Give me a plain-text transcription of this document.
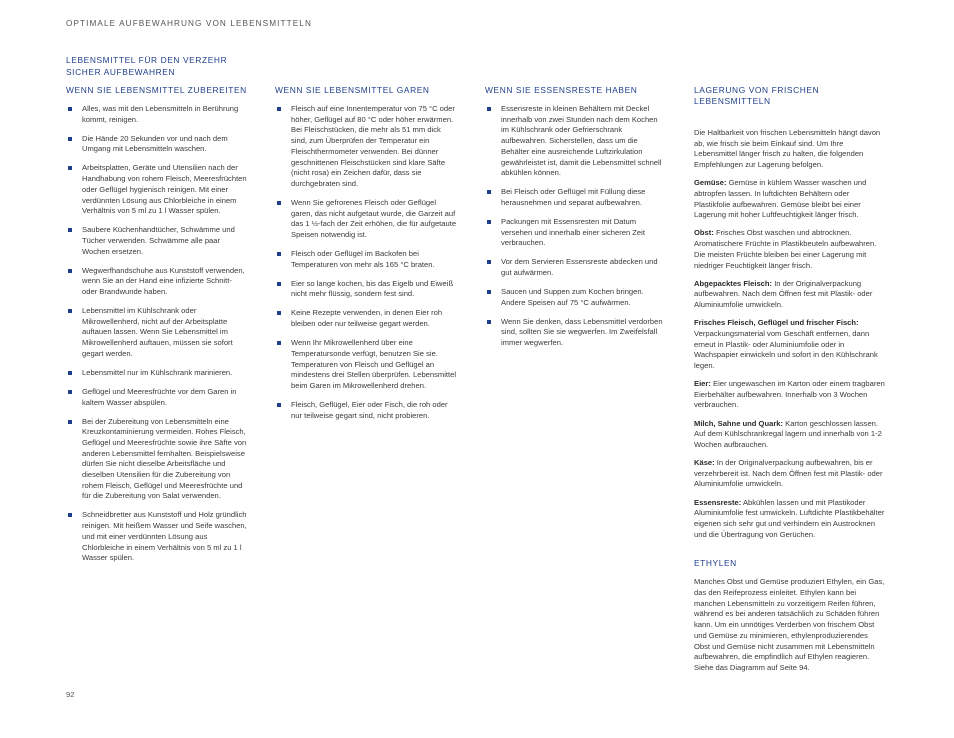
OPTIMALE AUFBEWAHRUNG VON LEBENSMITTELN
LEBENSMITTEL FÜR DEN VERZEHR
SICHER AUFBEWAHREN
WENN SIE LEBENSMITTEL ZUBEREITEN
Alles, was mit den Lebensmitteln in Berührung kommt, reinigen.
Die Hände 20 Sekunden vor und nach dem Umgang mit Lebensmitteln waschen.
Arbeitsplatten, Geräte und Utensilien nach der Handhabung von rohem Fleisch, Meeresfrüchten oder Geflügel hygienisch reinigen. Mit einer verdünnten Lösung aus Chlorbleiche in einem Verhältnis von 5 ml zu 1 l Wasser spülen.
Saubere Küchenhandtücher, Schwämme und Tücher verwenden. Schwämme alle paar Wochen ersetzen.
Wegwerfhandschuhe aus Kunststoff verwenden, wenn Sie an der Hand eine infizierte Schnitt- oder Brandwunde haben.
Lebensmittel im Kühlschrank oder Mikrowellenherd, nicht auf der Arbeitsplatte auftauen lassen. Wenn Sie Lebensmittel im Mikrowellenherd auftauen, müssen sie sofort gegart werden.
Lebensmittel nur im Kühlschrank marinieren.
Geflügel und Meeresfrüchte vor dem Garen in kaltem Wasser abspülen.
Bei der Zubereitung von Lebensmitteln eine Kreuzkontaminierung vermeiden. Rohes Fleisch, Geflügel und Meeresfrüchte sowie ihre Säfte von anderen Lebensmittel fernhalten. Beispielsweise dürfen Sie nicht dieselbe Arbeitsfläche und dieselben Utensilien für die Zubereitung von rohem Fleisch, Geflügel und Meeresfrüchte und für die Zubereitung von Salat verwenden.
Schneidbretter aus Kunststoff und Holz gründlich reinigen. Mit heißem Wasser und Seife waschen, und mit einer verdünnten Lösung aus Chlorbleiche in einem Verhältnis von 5 ml zu 1 l Wasser spülen.
WENN SIE LEBENSMITTEL GAREN
Fleisch auf eine Innentemperatur von 75 °C oder höher, Geflügel auf 80 °C oder höher erwärmen. Bei Fleischstücken, die mehr als 51 mm dick sind, zum Überprüfen der Temperatur ein Fleischthermometer verwenden. Bei dünner geschnittenen Fleischstücken sind klare Säfte (nicht rosa) ein Zeichen dafür, dass sie durchgebraten sind.
Wenn Sie gefrorenes Fleisch oder Geflügel garen, das nicht aufgetaut wurde, die Garzeit auf das 1 ½-fach der Zeit erhöhen, die für aufgetaute Speisen notwendig ist.
Fleisch oder Geflügel im Backofen bei Temperaturen von mehr als 165 °C braten.
Eier so lange kochen, bis das Eigelb und Eiweiß nicht mehr flüssig, sondern fest sind.
Keine Rezepte verwenden, in denen Eier roh bleiben oder nur teilweise gegart werden.
Wenn Ihr Mikrowellenherd über eine Temperatursonde verfügt, benutzen Sie sie. Temperaturen von Fleisch und Geflügel an mindestens drei Stellen überprüfen. Lebensmittel beim Garen im Mikrowellenherd drehen.
Fleisch, Geflügel, Eier oder Fisch, die roh oder nur teilweise gegart sind, nicht probieren.
WENN SIE ESSENSRESTE HABEN
Essensreste in kleinen Behältern mit Deckel innerhalb von zwei Stunden nach dem Kochen im Kühlschrank oder Gefrierschrank aufbewahren. Sicherstellen, dass um die Behälter eine ausreichende Luftzirkulation gewährleistet ist, damit die Lebensmittel schnell abkühlen können.
Bei Fleisch oder Geflügel mit Füllung diese herausnehmen und separat aufbewahren.
Packungen mit Essensresten mit Datum versehen und innerhalb einer sicheren Zeit verbrauchen.
Vor dem Servieren Essensreste abdecken und gut aufwärmen.
Saucen und Suppen zum Kochen bringen. Andere Speisen auf 75 °C aufwärmen.
Wenn Sie denken, dass Lebensmittel verdorben sind, sollten Sie sie wegwerfen. Im Zweifelsfall immer wegwerfen.
LAGERUNG VON FRISCHEN
LEBENSMITTELN

Die Haltbarkeit von frischen Lebensmitteln hängt davon ab, wie frisch sie beim Einkauf sind. Um Ihre Lebensmittel länger frisch zu halten, die folgenden Empfehlungen zur Lagerung befolgen.

Gemüse: Gemüse in kühlem Wasser waschen und abtropfen lassen. In luftdichten Behältern oder Plastikfolie aufbewahren. Gemüse bleibt bei einer Lagerung mit hoher Luftfeuchtigkeit länger frisch.

Obst: Frisches Obst waschen und abtrocknen. Aromatischere Früchte in Plastikbeuteln aufbewahren. Die meisten Früchte bleiben bei einer Lagerung mit niedriger Feuchtigkeit länger frisch.

Abgepacktes Fleisch: In der Originalverpackung aufbewahren. Nach dem Öffnen fest mit Plastik- oder Aluminiumfolie umwickeln.

Frisches Fleisch, Geflügel und frischer Fisch: Verpackungsmaterial vom Geschäft entfernen, dann erneut in Plastik- oder Aluminiumfolie oder in Wachspapier einwickeln und sofort in den Kühlschrank legen.

Eier: Eier ungewaschen im Karton oder einem tragbaren Eierbehälter aufbewahren. Innerhalb von 3 Wochen verbrauchen.

Milch, Sahne und Quark: Karton geschlossen lassen. Auf dem Kühlschrankregal lagern und innerhalb von 1-2 Wochen aufbrauchen.

Käse: In der Originalverpackung aufbewahren, bis er verzehrbereit ist. Nach dem Öffnen fest mit Plastik- oder Aluminiumfolie umwickeln.

Essensreste: Abkühlen lassen und mit Plastikoder Aluminiumfolie fest umwickeln. Luftdichte Plastikbehälter eigenen sich sehr gut und verhindern ein Austrocknen und die Übertragung von Gerüchen.

ETHYLEN

Manches Obst und Gemüse produziert Ethylen, ein Gas, das den Reifeprozess einleitet. Ethylen kann bei manchen Lebensmitteln zu vorzeitigem Reifen führen, während es bei anderen tatsächlich zu Schäden führen kann. Um ein unnötiges Verderben von frischem Obst und Gemüse zu minimieren, ethylenproduzierendes Obst und Gemüse nicht zusammen mit Lebensmitteln aufbewahren, die empfindlich auf Ethylen reagieren. Siehe das Diagramm auf Seite 94.

92
